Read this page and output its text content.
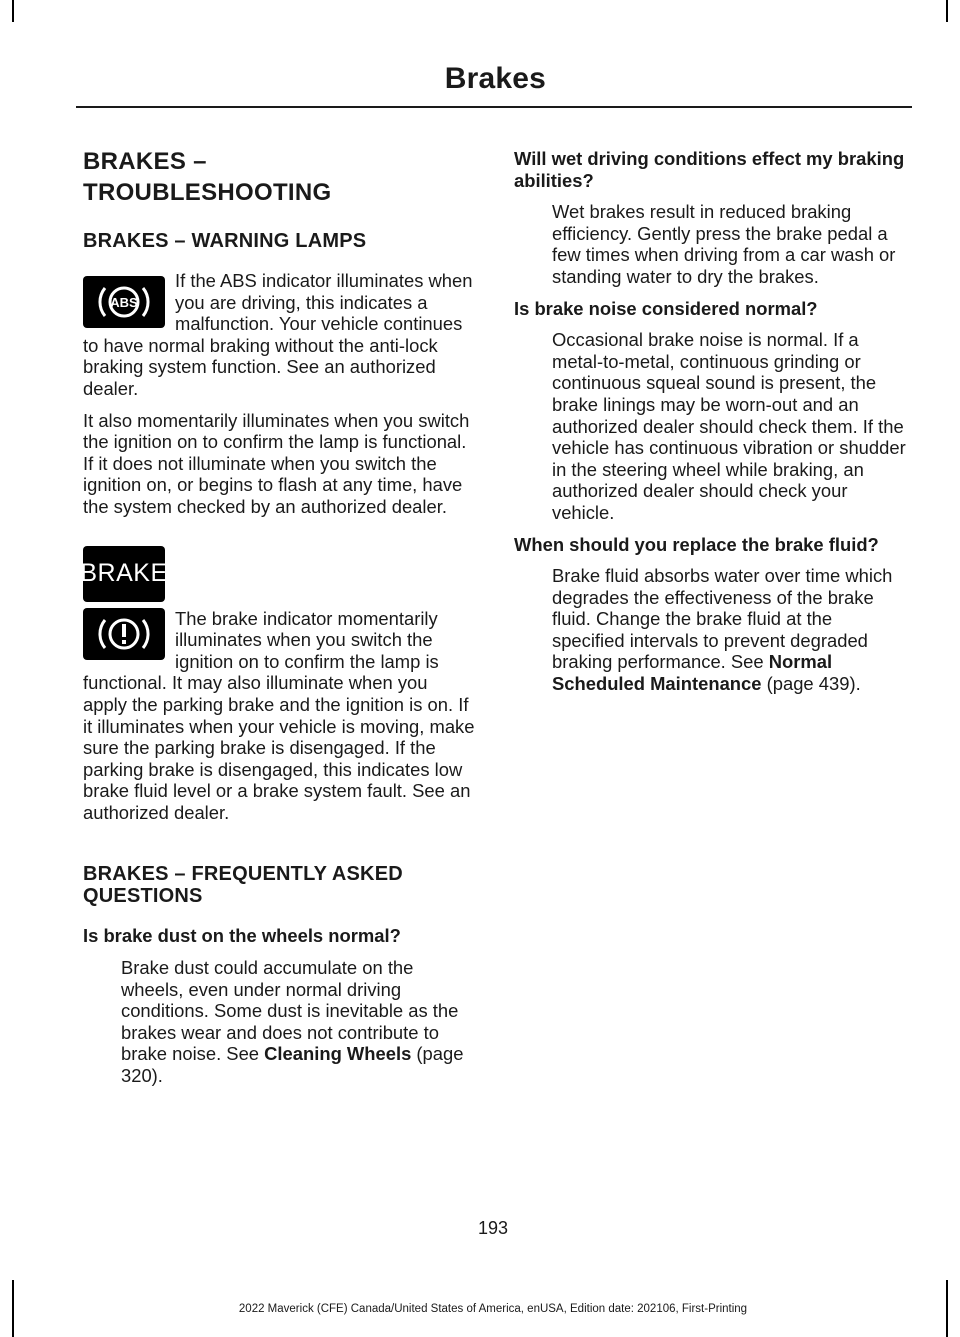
Brakes
BRAKES –
TROUBLESHOOTING
BRAKES – WARNING LAMPS
ABS

If the ABS indicator illuminates when you are driving, this indicates a malfunction. Your vehicle continues to have normal braking without the anti-lock braking system function. See an authorized dealer.

It also momentarily illuminates when you switch the ignition on to confirm the lamp is functional. If it does not illuminate when you switch the ignition on, or begins to flash at any time, have the system checked by an authorized dealer.

BRAKE

The brake indicator momentarily illuminates when you switch the ignition on to confirm the lamp is functional. It may also illuminate when you apply the parking brake and the ignition is on. If it illuminates when your vehicle is moving, make sure the parking brake is disengaged. If the parking brake is disengaged, this indicates low brake fluid level or a brake system fault. See an authorized dealer.

BRAKES – FREQUENTLY ASKED QUESTIONS

Is brake dust on the wheels normal?

Brake dust could accumulate on the wheels, even under normal driving conditions. Some dust is inevitable as the brakes wear and does not contribute to brake noise. See Cleaning Wheels (page 320).

Will wet driving conditions effect my braking abilities?

Wet brakes result in reduced braking efficiency. Gently press the brake pedal a few times when driving from a car wash or standing water to dry the brakes.

Is brake noise considered normal?

Occasional brake noise is normal. If a metal-to-metal, continuous grinding or continuous squeal sound is present, the brake linings may be worn-out and an authorized dealer should check them. If the vehicle has continuous vibration or shudder in the steering wheel while braking, an authorized dealer should check your vehicle.

When should you replace the brake fluid?

Brake fluid absorbs water over time which degrades the effectiveness of the brake fluid. Change the brake fluid at the specified intervals to prevent degraded braking performance. See Normal Scheduled Maintenance (page 439).

193
2022 Maverick (CFE) Canada/United States of America, enUSA, Edition date: 202106, First-Printing
